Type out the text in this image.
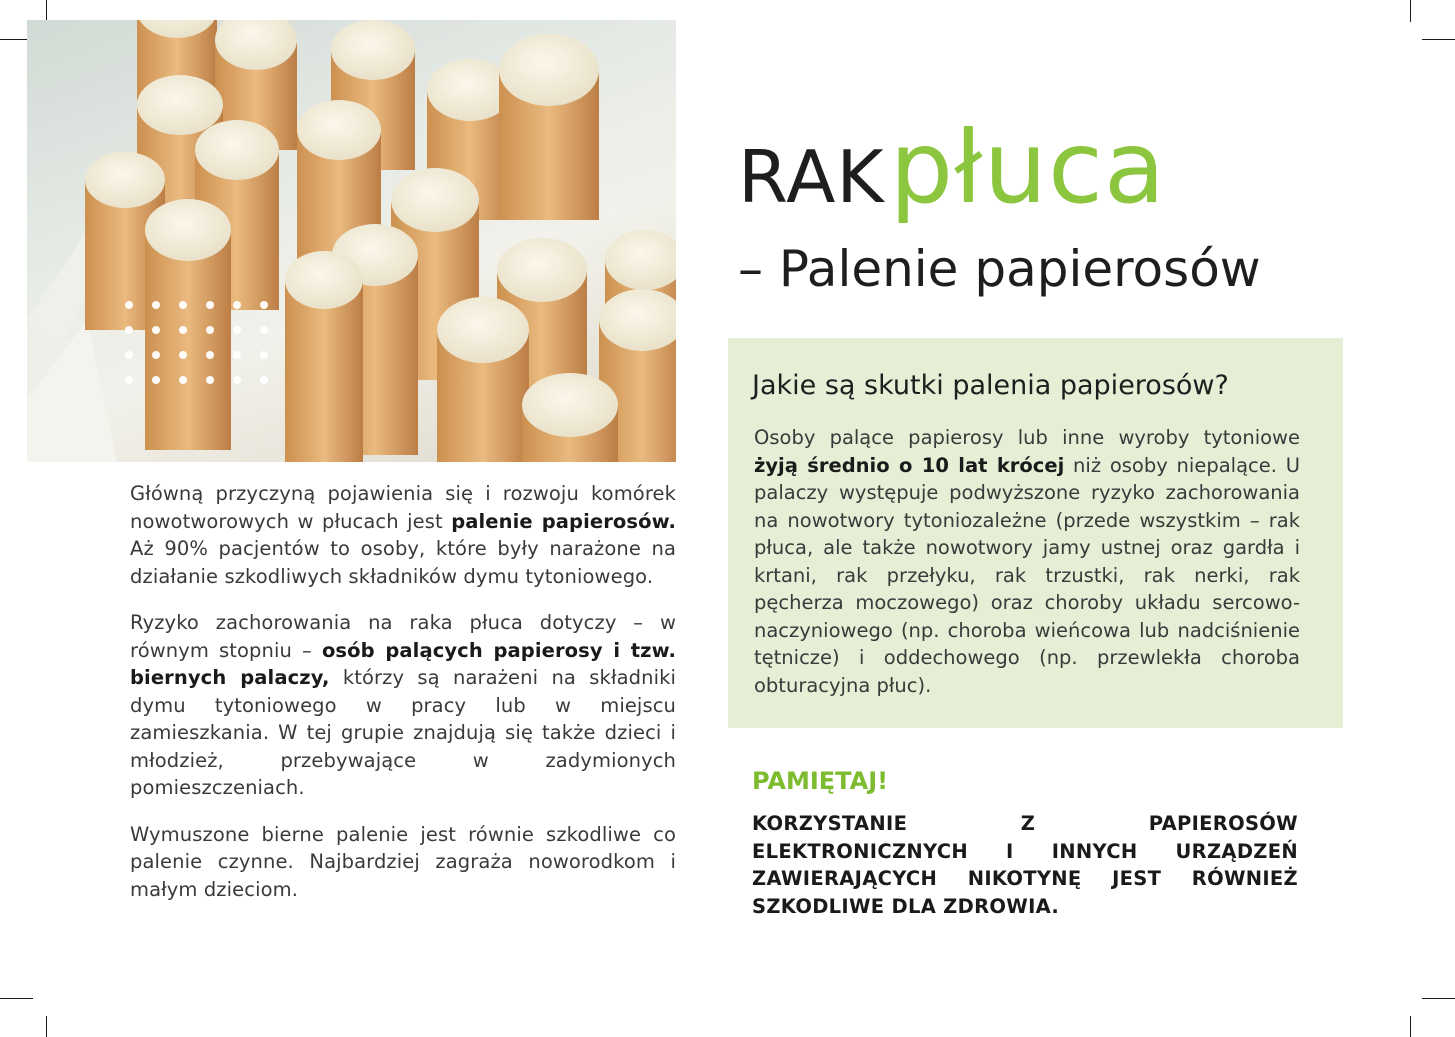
Główną przyczyną pojawienia się i rozwoju komórek nowotworowych w płucach jest palenie papierosów. Aż 90% pacjentów to osoby, które były narażone na działanie szkodliwych składników dymu tytoniowego.

Ryzyko zachorowania na raka płuca dotyczy – w równym stopniu – osób palących papierosy i tzw. biernych palaczy, którzy są narażeni na składniki dymu tytoniowego w pracy lub w miejscu zamieszkania. W tej grupie znajdują się także dzieci i młodzież, przebywające w zadymionych pomieszczeniach.

Wymuszone bierne palenie jest równie szkodliwe co palenie czynne. Najbardziej zagraża noworodkom i małym dzieciom.

RAK płuca
– Palenie papierosów
Jakie są skutki palenia papierosów?
Osoby palące papierosy lub inne wyroby tytoniowe żyją średnio o 10 lat krócej niż osoby niepalące. U palaczy występuje podwyższone ryzyko zachorowania na nowotwory tytoniozależne (przede wszystkim – rak płuca, ale także nowotwory jamy ustnej oraz gardła i krtani, rak przełyku, rak trzustki, rak nerki, rak pęcherza moczowego) oraz choroby układu sercowo-naczyniowego (np. choroba wieńcowa lub nadciśnienie tętnicze) i oddechowego (np. przewlekła choroba obturacyjna płuc).
PAMIĘTAJ!
KORZYSTANIE Z PAPIEROSÓW ELEKTRONICZNYCH I INNYCH URZĄDZEŃ ZAWIERAJĄCYCH NIKOTYNĘ JEST RÓWNIEŻ SZKODLIWE DLA ZDROWIA.
